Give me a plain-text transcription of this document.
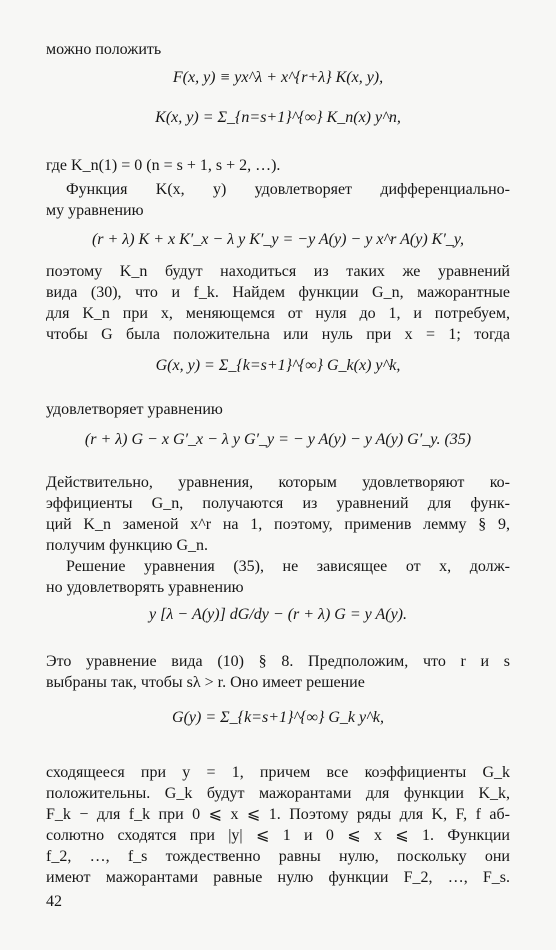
можно положить
F(x, y) ≡ yx^λ + x^{r+λ} K(x, y),
K(x, y) = Σ_{n=s+1}^{∞} K_n(x) y^n,
где K_n(1) = 0 (n = s + 1, s + 2, …).
Функция K(x, y) удовлетворяет дифференциально-
му уравнению
(r + λ) K + x K′_x − λ y K′_y = −y A(y) − y x^r A(y) K′_y,
поэтому K_n будут находиться из таких же уравнений
вида (30), что и f_k. Найдем функции G_n, мажорантные
для K_n при x, меняющемся от нуля до 1, и потребуем,
чтобы G была положительна или нуль при x = 1; тогда
G(x, y) = Σ_{k=s+1}^{∞} G_k(x) y^k,
удовлетворяет уравнению
(r + λ) G − x G′_x − λ y G′_y = − y A(y) − y A(y) G′_y. (35)
Действительно, уравнения, которым удовлетворяют ко-
эффициенты G_n, получаются из уравнений для функ-
ций K_n заменой x^r на 1, поэтому, применив лемму § 9,
получим функцию G_n.
Решение уравнения (35), не зависящее от x, долж-
но удовлетворять уравнению
y [λ − A(y)] dG/dy − (r + λ) G = y A(y).
Это уравнение вида (10) § 8. Предположим, что r и s
выбраны так, чтобы sλ > r. Оно имеет решение
G(y) = Σ_{k=s+1}^{∞} G_k y^k,
сходящееся при y = 1, причем все коэффициенты G_k
положительны. G_k будут мажорантами для функции K_k,
F_k − для f_k при 0 ⩽ x ⩽ 1. Поэтому ряды для K, F, f аб-
солютно сходятся при |y| ⩽ 1 и 0 ⩽ x ⩽ 1. Функции
f_2, …, f_s тождественно равны нулю, поскольку они
имеют мажорантами равные нулю функции F_2, …, F_s.
42
